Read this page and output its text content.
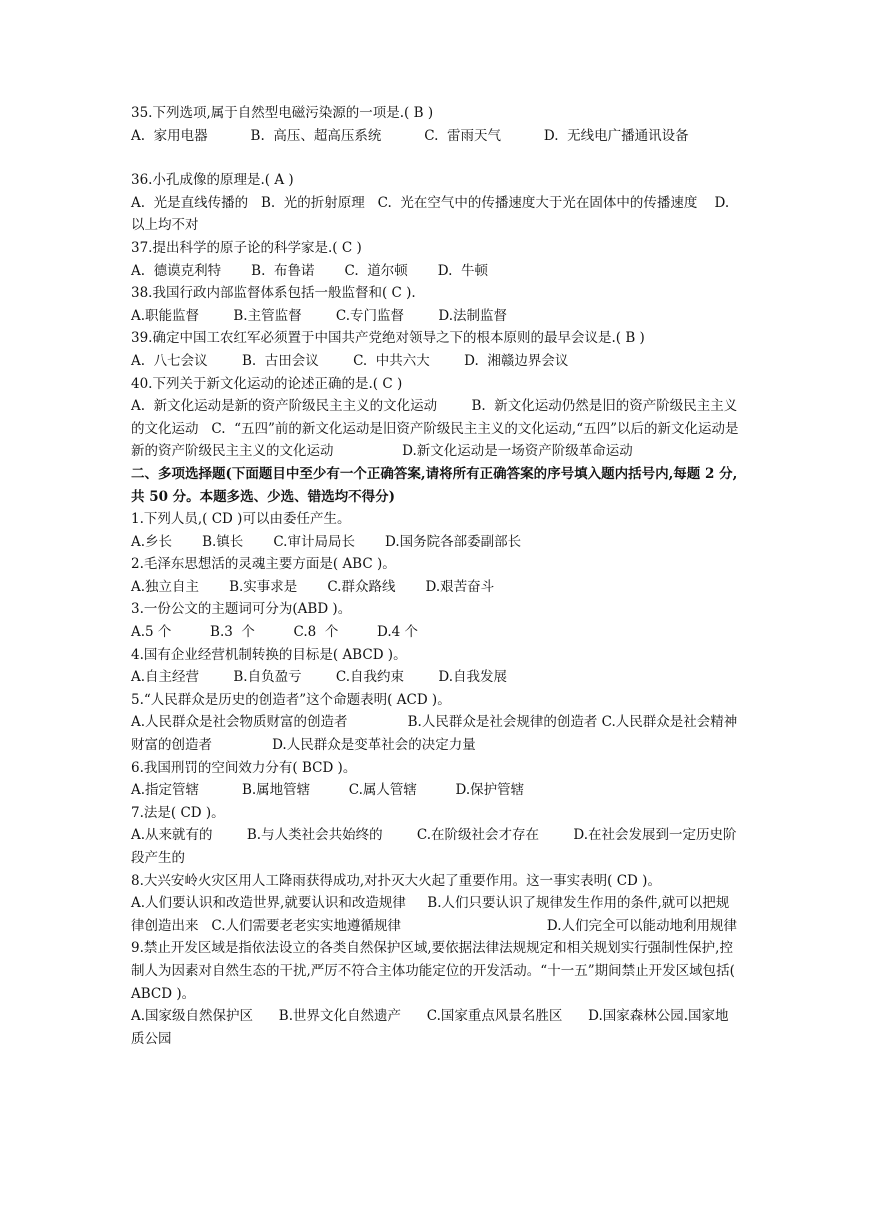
35.下列选项,属于自然型电磁污染源的一项是.( B )
A.  家用电器          B.  高压、超高压系统          C.  雷雨天气          D.  无线电广播通讯设备
36.小孔成像的原理是.( A )
A.  光是直线传播的   B.  光的折射原理   C.  光在空气中的传播速度大于光在固体中的传播速度    D.  以上均不对
37.提出科学的原子论的科学家是.( C )
A.  德谟克利特       B.  布鲁诺       C.  道尔顿       D.  牛顿
38.我国行政内部监督体系包括一般监督和( C ).
A.职能监督        B.主管监督        C.专门监督        D.法制监督
39.确定中国工农红军必须置于中国共产党绝对领导之下的根本原则的最早会议是.( B )
A.  八七会议        B.  古田会议        C.  中共六大        D.  湘赣边界会议
40.下列关于新文化运动的论述正确的是.( C )
A.  新文化运动是新的资产阶级民主主义的文化运动        B.  新文化运动仍然是旧的资产阶级民主主义的文化运动   C.  “五四”前的新文化运动是旧资产阶级民主主义的文化运动,“五四”以后的新文化运动是新的资产阶级民主主义的文化运动                D.新文化运动是一场资产阶级革命运动
二、多项选择题(下面题目中至少有一个正确答案,请将所有正确答案的序号填入题内括号内,每题 2 分,共 50 分。本题多选、少选、错选均不得分)
1.下列人员,( CD )可以由委任产生。
A.乡长       B.镇长       C.审计局局长       D.国务院各部委副部长
2.毛泽东思想活的灵魂主要方面是( ABC )。
A.独立自主       B.实事求是       C.群众路线       D.艰苦奋斗
3.一份公文的主题词可分为(ABD )。
A.5 个         B.3  个         C.8  个         D.4 个
4.国有企业经营机制转换的目标是( ABCD )。
A.自主经营        B.自负盈亏        C.自我约束        D.自我发展
5.“人民群众是历史的创造者”这个命题表明( ACD )。
A.人民群众是社会物质财富的创造者              B.人民群众是社会规律的创造者 C.人民群众是社会精神财富的创造者              D.人民群众是变革社会的决定力量
6.我国刑罚的空间效力分有( BCD )。
A.指定管辖          B.属地管辖         C.属人管辖         D.保护管辖
7.法是( CD )。
A.从来就有的        B.与人类社会共始终的        C.在阶级社会才存在        D.在社会发展到一定历史阶段产生的
8.大兴安岭火灾区用人工降雨获得成功,对扑灭大火起了重要作用。这一事实表明( CD )。
A.人们要认识和改造世界,就要认识和改造规律     B.人们只要认识了规律发生作用的条件,就可以把规律创造出来   C.人们需要老老实实地遵循规律                                  D.人们完全可以能动地利用规律
9.禁止开发区域是指依法设立的各类自然保护区域,要依据法律法规规定和相关规划实行强制性保护,控制人为因素对自然生态的干扰,严厉不符合主体功能定位的开发活动。“十一五”期间禁止开发区域包括( ABCD )。
A.国家级自然保护区      B.世界文化自然遗产      C.国家重点风景名胜区      D.国家森林公园.国家地质公园
